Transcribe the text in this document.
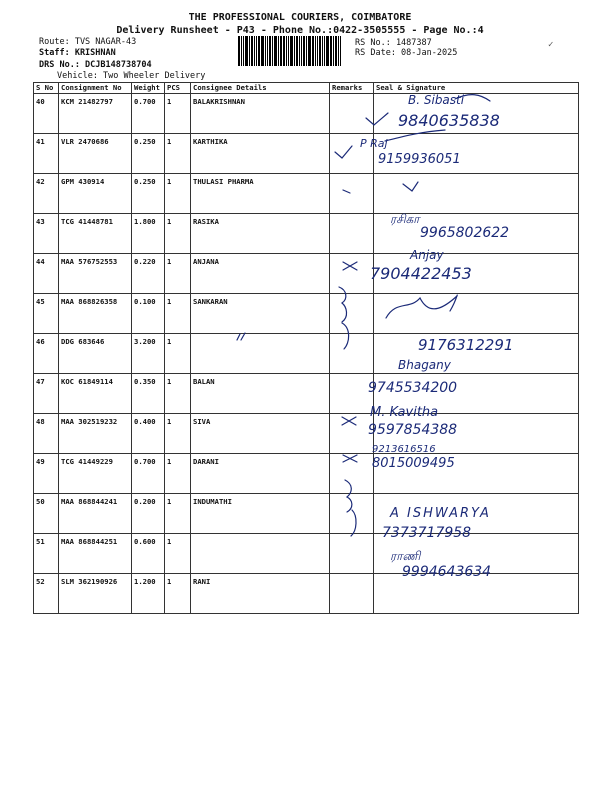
THE PROFESSIONAL COURIERS, COIMBATORE
Delivery Runsheet - P43 - Phone No.:0422-3505555 - Page No.:4
Route: TVS NAGAR-43
Staff: KRISHNAN
DRS No.: DCJB148738704
Vehicle: Two Wheeler Delivery
RS No.: 1487387
RS Date: 08-Jan-2025
✓
S No	Consignment No	Weight	PCS	Consignee Details	Remarks	Seal & Signature
40	KCM 21482797	0.700	1	BALAKRISHNAN		
41	VLR 2470686	0.250	1	KARTHIKA		
42	GPM 430914	0.250	1	THULASI PHARMA		
43	TCG 41448781	1.800	1	RASIKA		
44	MAA 576752553	0.220	1	ANJANA		
45	MAA 868826358	0.100	1	SANKARAN		
46	DDG 683646	3.200	1			
47	KOC 61849114	0.350	1	BALAN		
48	MAA 302519232	0.400	1	SIVA		
49	TCG 41449229	0.700	1	DARANI		
50	MAA 868844241	0.200	1	INDUMATHI		
51	MAA 868844251	0.600	1			
52	SLM 362190926	1.200	1	RANI		
B. Sibasti
9840635838
P Raj
9159936051
ரசிகா
9965802622
Anjay
7904422453
9176312291
Bhagany
9745534200
M. Kavitha
9597854388
9213616516
8015009495
A ISHWARYA
7373717958
ராணி
9994643634
